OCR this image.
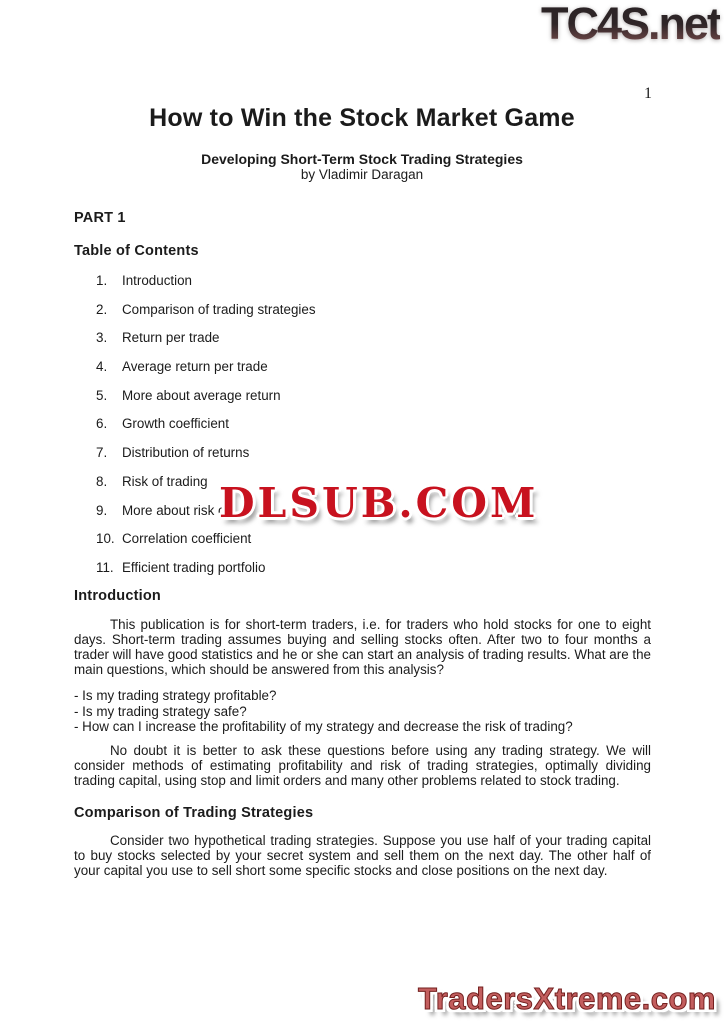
TC4S.net
1
How to Win the Stock Market Game
Developing Short-Term Stock Trading Strategies
by Vladimir Daragan
PART 1
Table of Contents
1.	Introduction
2.	Comparison of trading strategies
3.	Return per trade
4.	Average return per trade
5.	More about average return
6.	Growth coefficient
7.	Distribution of returns
8.	Risk of trading
9.	More about risk o
10. Correlation coefficient
11. Efficient trading portfolio
DLSUB.COM
Introduction
This publication is for short-term traders, i.e. for traders who hold stocks for one to eight days. Short-term trading assumes buying and selling stocks often. After two to four months a trader will have good statistics and he or she can start an analysis of trading results. What are the main questions, which should be answered from this analysis?
- Is my trading strategy profitable?
- Is my trading strategy safe?
- How can I increase the profitability of my strategy and decrease the risk of trading?
No doubt it is better to ask these questions before using any trading strategy. We will consider methods of estimating profitability and risk of trading strategies, optimally dividing trading capital, using stop and limit orders and many other problems related to stock trading.
Comparison of Trading Strategies
Consider two hypothetical trading strategies. Suppose you use half of your trading capital to buy stocks selected by your secret system and sell them on the next day. The other half of your capital you use to sell short some specific stocks and close positions on the next day.
TradersXtreme.com
